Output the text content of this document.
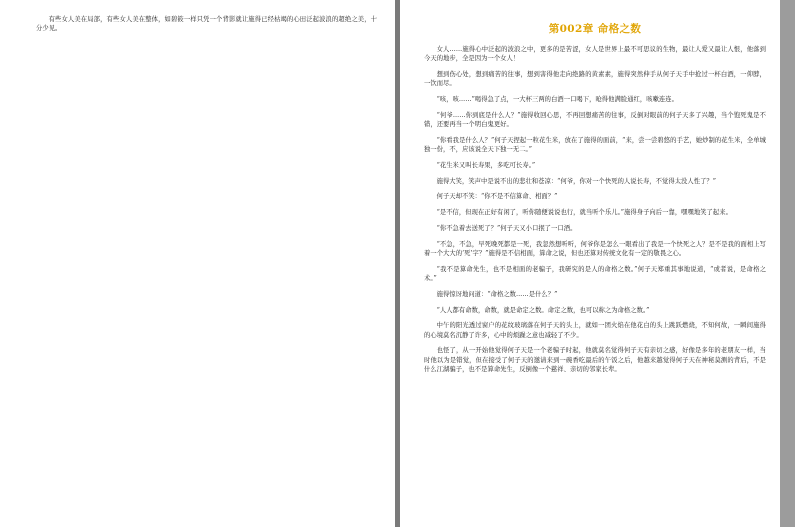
有些女人美在局部，有些女人美在整体，如碧筱一样只凭一个背影就让施得已经枯竭的心田泛起波浪的超绝之美，十分少见。	第002章 命格之数

女人……施得心中泛起的波浪之中，更多的是苦涩，女人是世界上最不可思议的生物，最让人爱又最让人恨，他落到今天的地步，全是因为一个女人！

想到伤心处，想到痛苦的往事，想到害得他走向绝路的黄素素，施得突然伸手从何子天手中抢过一杯白酒，一仰脖，一饮而尽。

“咳，咳……”喝得急了点，一大杯三两的白酒一口喝下，呛得他满脸通红，咳嗽连连。

“何爷……你到底是什么人？”施得收回心思，不再回想痛苦的往事，反倒对眼前的何子天多了兴趣，当个饱死鬼是不错，还要再当一个明白鬼更好。

“你看我是什么人？”何子天捏起一粒花生米，放在了施得的面前，“来，尝一尝碧悠的手艺，她炒制的花生米，全单城独一份，不，应该说全天下独一无二。”

“花生米又叫长寿果，多吃可长寿。”

施得大笑，笑声中是说不出的悲壮和苍凉：“何爷，你对一个快死的人说长寿，不觉得太没人性了？”

何子天却不笑：“你不是不信算命、相面？”

“是不信，但现在正好有闲了，听你随便说说也行，就当听个乐儿。”施得身子向后一靠，嘿嘿地笑了起来。

“你不急着去送死了？”何子天又小口抿了一口酒。

“不急，不急，早死晚死都是一死，我忽然想听听，何爷你是怎么一眼看出了我是一个快死之人？是不是我的面相上写着一个大大的‘死’字？”施得是不信相面，算命之说，但也还算对传统文化有一定的敬畏之心。

“我不是算命先生，也不是相面的老骗子，我研究的是人的命格之数。”何子天郑重其事地说道，“或者说，是命格之术。”

施得惊讶地问道：“命格之数……是什么？”

“人人都有命数，命数，就是命定之数。命定之数，也可以称之为命格之数。”

中午的阳光透过窗户的花纹玻璃落在何子天的头上，就如一团火焰在他花白的头上跳跃燃烧，不知何故，一瞬间施得的心境莫名沉静了许多，心中的烦躁之意也减轻了不少。

也怪了，从一开始他觉得何子天是一个老骗子时起，他就莫名觉得何子天有亲切之感，好像是多年的老朋友一样，当时他以为是错觉，但在接受了何子天的邀请来到一碗香吃最后的午饭之后，他越来越觉得何子天在神秘莫测的背后，不是什么江湖骗子，也不是算命先生，反倒像一个慈祥、亲切的邻家长辈。
